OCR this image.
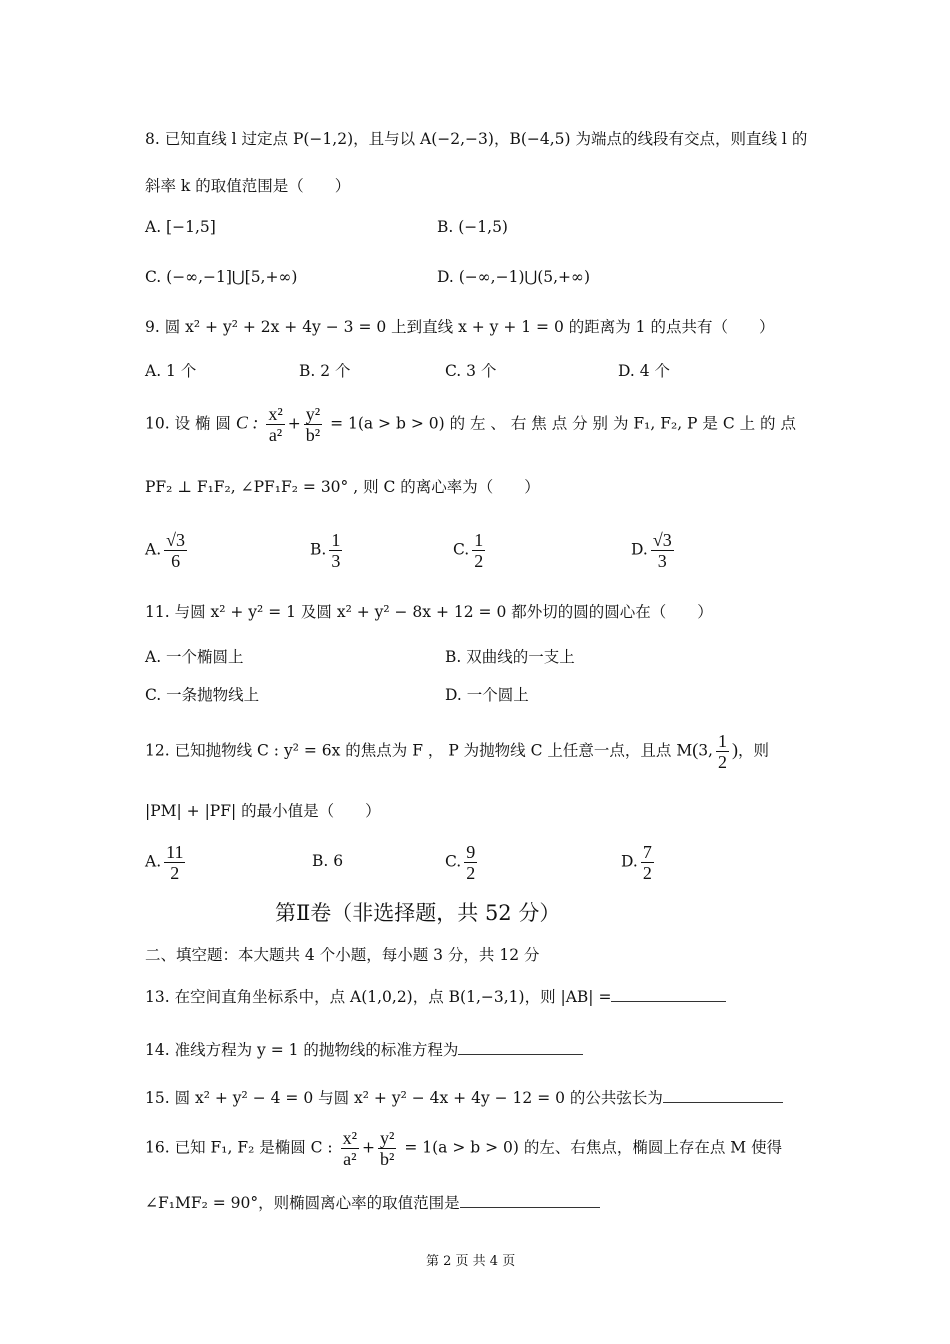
8. 已知直线 l 过定点 P(−1,2)，且与以 A(−2,−3)，B(−4,5) 为端点的线段有交点，则直线 l 的
斜率 k 的取值范围是（　　）
A. [−1,5]	B. (−1,5)
C. (−∞,−1]⋃[5,+∞)	D. (−∞,−1)⋃(5,+∞)
9. 圆 x² + y² + 2x + 4y − 3 = 0 上到直线 x + y + 1 = 0 的距离为 1 的点共有（　　）
A. 1 个	B. 2 个	C. 3 个	D. 4 个
10. 设 椭 圆 C : $\frac{\text{x²}}{\text{a²}} + \frac{\text{y²}}{\text{b²}} = 1(a > b > 0)$ 的 左 、 右 焦 点 分 别 为 F₁, F₂, P 是 C 上 的 点
PF₂ ⊥ F₁F₂, ∠PF₁F₂ = 30° , 则 C 的离心率为（　　）
A. $\frac{√3}{6}$	B. $\frac{1}{3}$	C. $\frac{1}{2}$	D. $\frac{√3}{3}$
11. 与圆 x² + y² = 1 及圆 x² + y² − 8x + 12 = 0 都外切的圆的圆心在（　　）
A. 一个椭圆上	B. 双曲线的一支上
C. 一条抛物线上	D. 一个圆上
12. 已知抛物线 C : y² = 6x 的焦点为 F ， P 为抛物线 C 上任意一点，且点 M(3, $\frac{1}{2}$ )，则
|PM| + |PF| 的最小值是（　　）
A. $\frac{11}{2}$	B. 6	C. $\frac{9}{2}$	D. $\frac{7}{2}$
第Ⅱ卷（非选择题，共 52 分）
二、填空题：本大题共 4 个小题，每小题 3 分，共 12 分
13. 在空间直角坐标系中，点 A(1,0,2)，点 B(1,−3,1)，则 |AB| =
14. 准线方程为 y = 1 的抛物线的标准方程为
15. 圆 x² + y² − 4 = 0 与圆 x² + y² − 4x + 4y − 12 = 0 的公共弦长为
16. 已知 F₁, F₂ 是椭圆 C : $\frac{\text{x²}}{\text{a²}} + \frac{\text{y²}}{\text{b²}} = 1(a > b > 0)$ 的左、右焦点，椭圆上存在点 M 使得
∠F₁MF₂ = 90°，则椭圆离心率的取值范围是
第 2 页 共 4 页
